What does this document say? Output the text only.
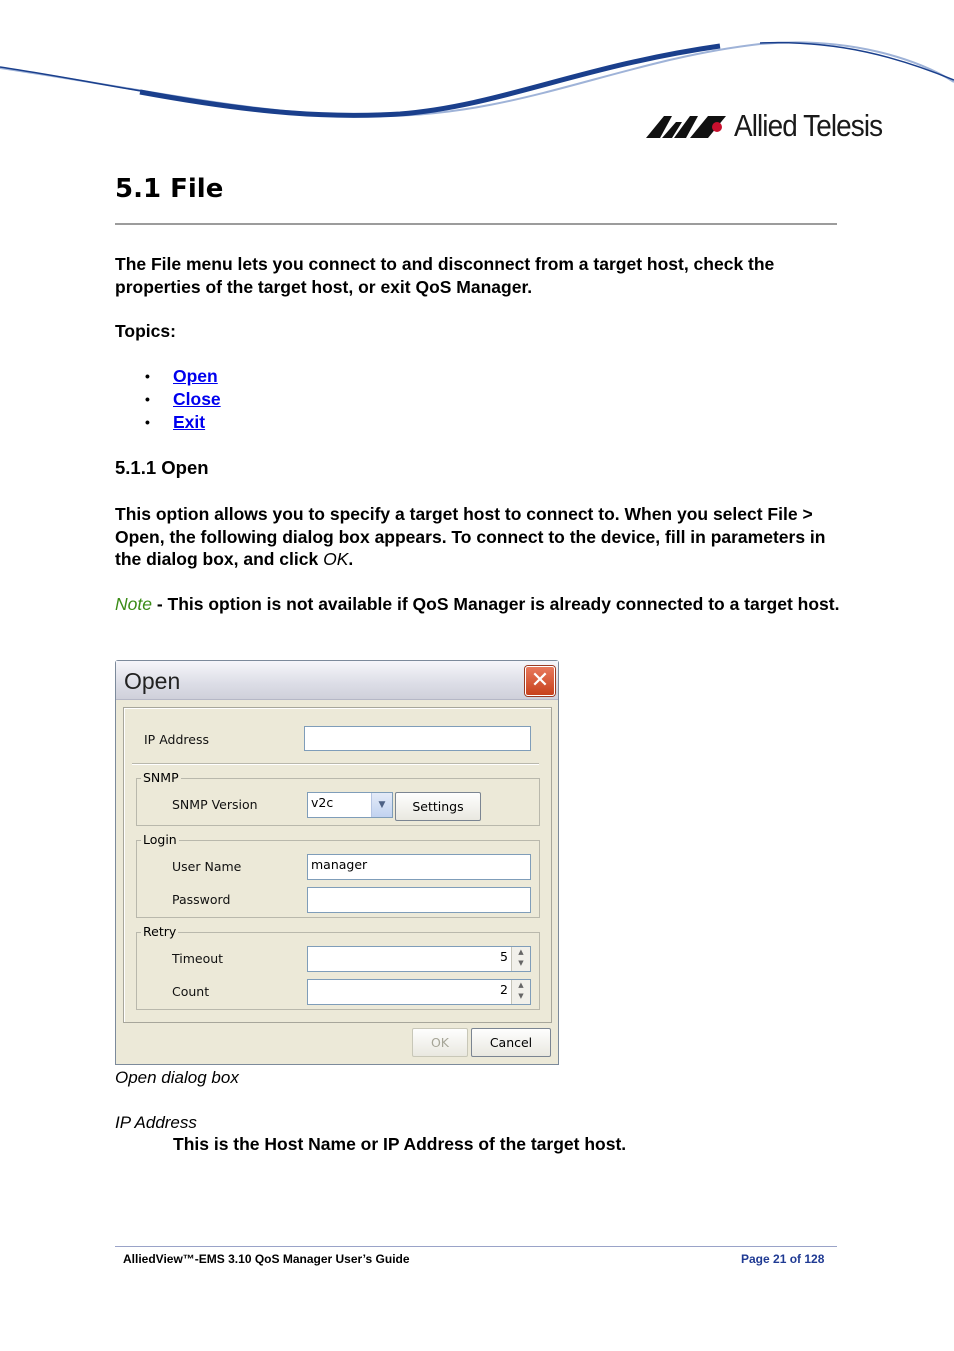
Allied Telesis
5.1 File
The File menu lets you connect to and disconnect from a target host, check the properties of the target host, or exit QoS Manager.
Topics:
•	Open
•	Close
•	Exit
5.1.1 Open
This option allows you to specify a target host to connect to. When you select File > Open, the following dialog box appears. To connect to the device, fill in parameters in the dialog box, and click OK.
Note - This option is not available if QoS Manager is already connected to a target host.
Open	✕
IP Address
SNMP
SNMP Version	v2c	▼	Settings
Login
User Name	manager
Password
Retry
Timeout	5	▲
▼
Count	2	▲
▼
OK	Cancel
Open dialog box
IP Address
This is the Host Name or IP Address of the target host.
AlliedView™-EMS 3.10 QoS Manager User’s Guide	Page 21 of 128
